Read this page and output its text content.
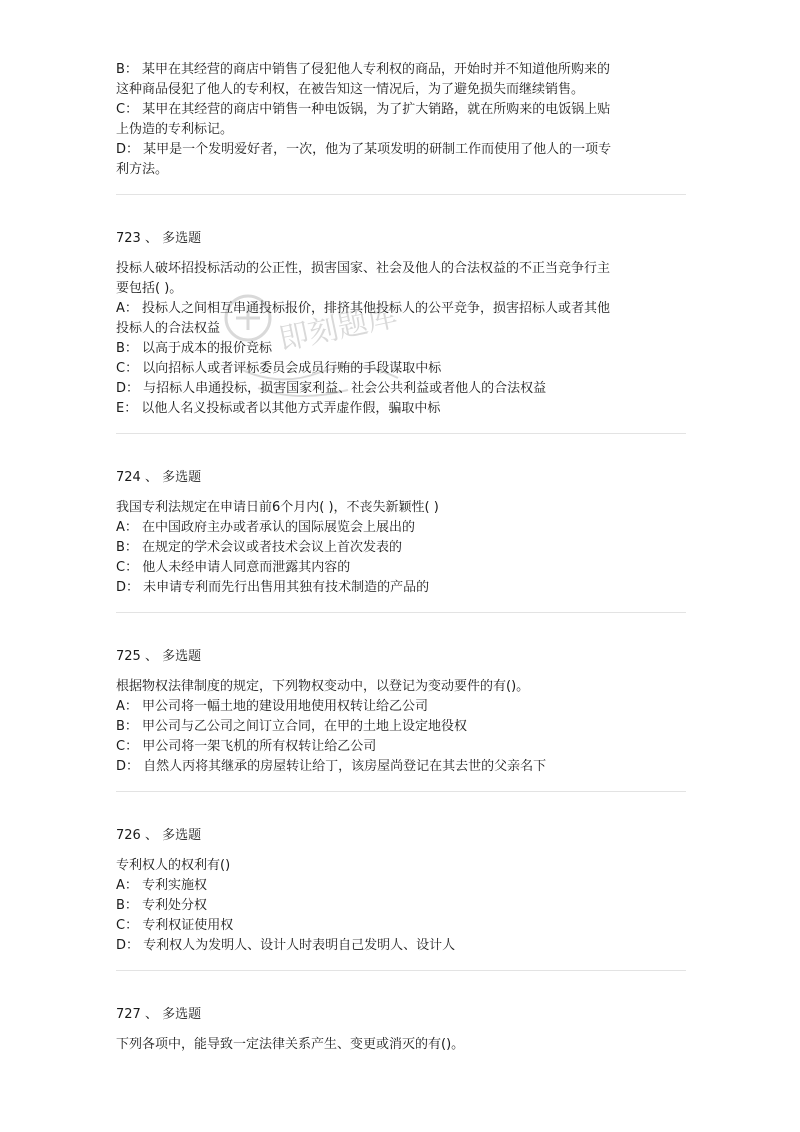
B： 某甲在其经营的商店中销售了侵犯他人专利权的商品，开始时并不知道他所购来的
这种商品侵犯了他人的专利权，在被告知这一情况后，为了避免损失而继续销售。
C： 某甲在其经营的商店中销售一种电饭锅，为了扩大销路，就在所购来的电饭锅上贴
上伪造的专利标记。
D： 某甲是一个发明爱好者，一次，他为了某项发明的研制工作而使用了他人的一项专
利方法。
723 、 多选题
投标人破坏招投标活动的公正性，损害国家、社会及他人的合法权益的不正当竞争行主
要包括( )。
A： 投标人之间相互串通投标报价，排挤其他投标人的公平竞争，损害招标人或者其他
投标人的合法权益
B： 以高于成本的报价竞标
C： 以向招标人或者评标委员会成员行贿的手段谋取中标
D： 与招标人串通投标，损害国家利益、社会公共利益或者他人的合法权益
E： 以他人名义投标或者以其他方式弄虚作假，骗取中标
724 、 多选题
我国专利法规定在申请日前6个月内( )，不丧失新颖性( )
A： 在中国政府主办或者承认的国际展览会上展出的
B： 在规定的学术会议或者技术会议上首次发表的
C： 他人未经申请人同意而泄露其内容的
D： 未申请专利而先行出售用其独有技术制造的产品的
725 、 多选题
根据物权法律制度的规定，下列物权变动中，以登记为变动要件的有()。
A： 甲公司将一幅土地的建设用地使用权转让给乙公司
B： 甲公司与乙公司之间订立合同，在甲的土地上设定地役权
C： 甲公司将一架飞机的所有权转让给乙公司
D： 自然人丙将其继承的房屋转让给丁，该房屋尚登记在其去世的父亲名下
726 、 多选题
专利权人的权利有()
A： 专利实施权
B： 专利处分权
C： 专利权证使用权
D： 专利权人为发明人、设计人时表明自己发明人、设计人
727 、 多选题
下列各项中，能导致一定法律关系产生、变更或消灭的有()。
即刻题库
